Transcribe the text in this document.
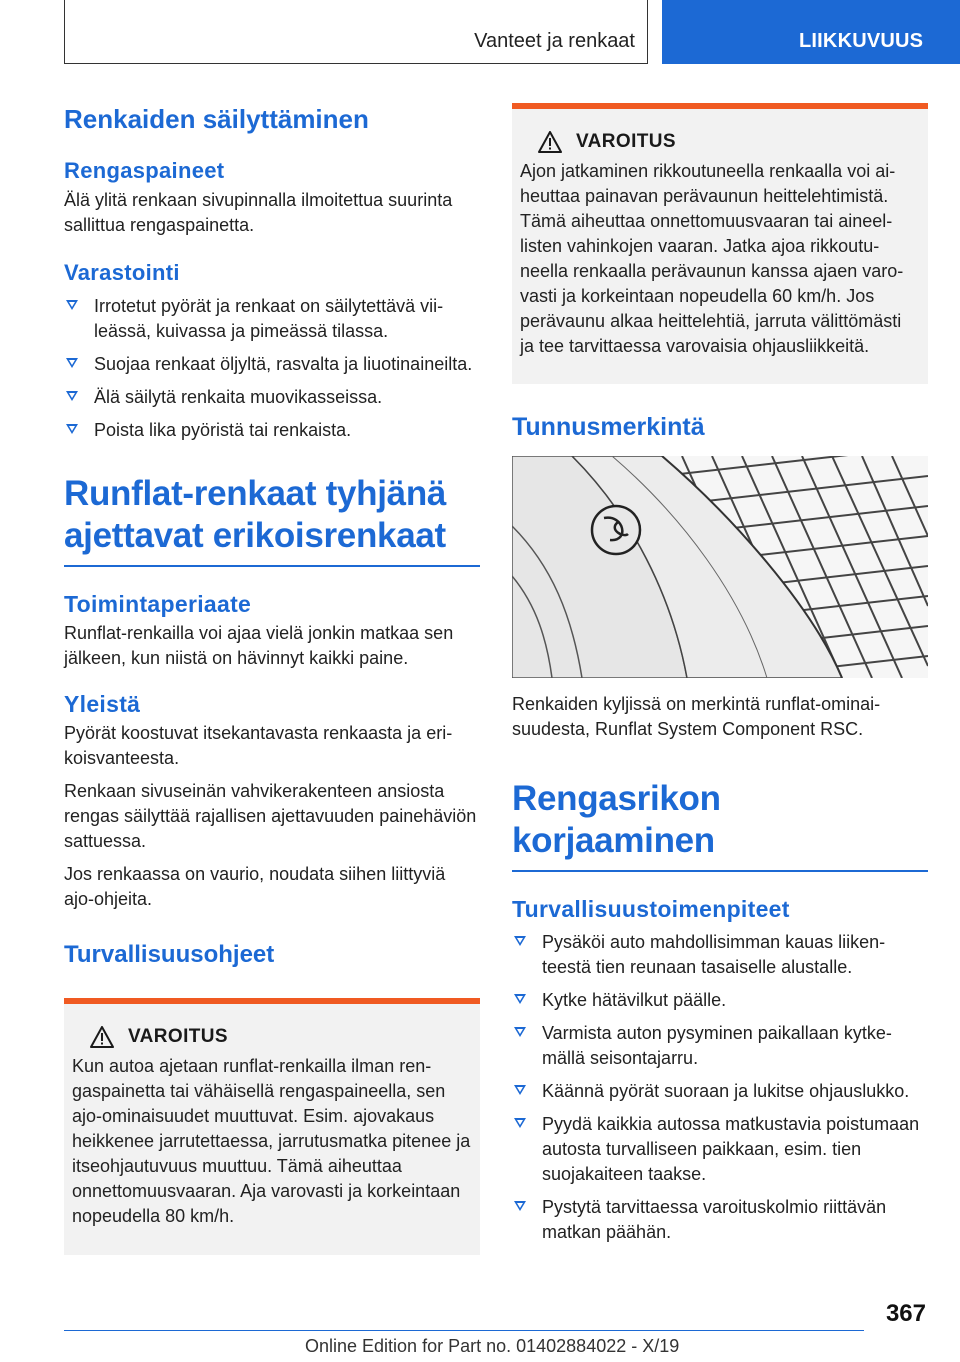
Vanteet ja renkaat	LIIKKUVUUS
Renkaiden säilyttäminen
Rengaspaineet

Älä ylitä renkaan sivupinnalla ilmoitettua suurinta sallittua rengaspainetta.

Varastointi
Irrotetut pyörät ja renkaat on säilytettävä viileässä, kuivassa ja pimeässä tilassa.
Suojaa renkaat öljyltä, rasvalta ja liuotinaineilta.
Älä säilytä renkaita muovikasseissa.
Poista lika pyöristä tai renkaista.
Runflat-renkaat tyhjänä ajettavat erikoisrenkaat
Toimintaperiaate

Runflat-renkailla voi ajaa vielä jonkin matkaa sen jälkeen, kun niistä on hävinnyt kaikki paine.

Yleistä

Pyörät koostuvat itsekantavasta renkaasta ja erikoisvanteesta.

Renkaan sivuseinän vahvikerakenteen ansiosta rengas säilyttää rajallisen ajettavuuden painehäviön sattuessa.

Jos renkaassa on vaurio, noudata siihen liittyviä ajo-ohjeita.

Turvallisuusohjeet
VAROITUS

Kun autoa ajetaan runflat-renkailla ilman rengaspainetta tai vähäisellä rengaspaineella, sen ajo-ominaisuudet muuttuvat. Esim. ajovakaus heikkenee jarrutettaessa, jarrutusmatka pitenee ja itseohjautuvuus muuttuu. Tämä aiheuttaa onnettomuusvaaran. Aja varovasti ja korkeintaan nopeudella 80 km/h.

VAROITUS

Ajon jatkaminen rikkoutuneella renkaalla voi aiheuttaa painavan perävaunun heittelehtimistä. Tämä aiheuttaa onnettomuusvaaran tai aineellisten vahinkojen vaaran. Jatka ajoa rikkoutuneella renkaalla perävaunun kanssa ajaen varovasti ja korkeintaan nopeudella 60 km/h. Jos perävaunu alkaa heittelehtiä, jarruta välittömästi ja tee tarvittaessa varovaisia ohjausliikkeitä.

Tunnusmerkintä

Renkaiden kyljissä on merkintä runflat-ominaisuudesta, Runflat System Component RSC.

Rengasrikon korjaaminen
Turvallisuustoimenpiteet
Pysäköi auto mahdollisimman kauas liikenteestä tien reunaan tasaiselle alustalle.
Kytke hätävilkut päälle.
Varmista auton pysyminen paikallaan kytkemällä seisontajarru.
Käännä pyörät suoraan ja lukitse ohjauslukko.
Pyydä kaikkia autossa matkustavia poistumaan autosta turvalliseen paikkaan, esim. tien suojakaiteen taakse.
Pystytä tarvittaessa varoituskolmio riittävän matkan päähän.
367
Online Edition for Part no. 01402884022 - X/19
